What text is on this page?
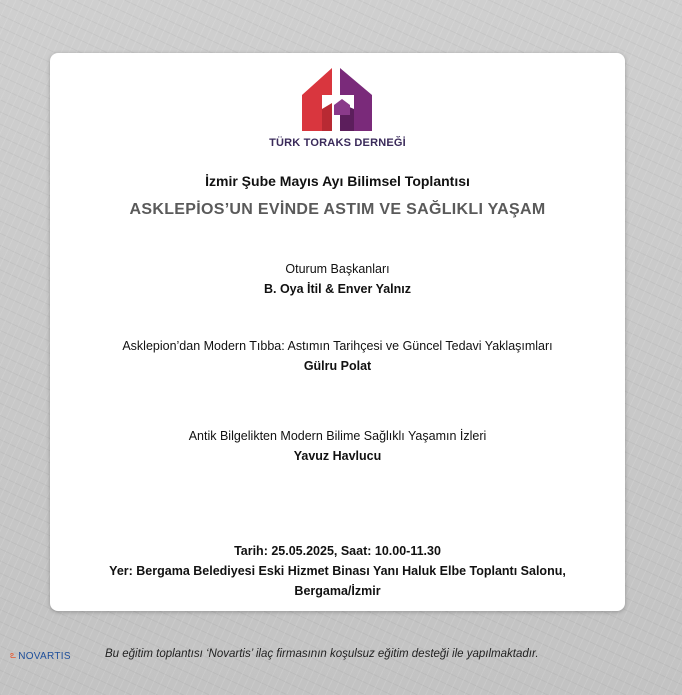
TÜRK TORAKS DERNEĞİ
İzmir Şube Mayıs Ayı Bilimsel Toplantısı
ASKLEPİOS’UN EVİNDE ASTIM VE SAĞLIKLI YAŞAM
Oturum Başkanları
B. Oya İtil & Enver Yalnız
Asklepion’dan Modern Tıbba: Astımın Tarihçesi ve Güncel Tedavi Yaklaşımları
Gülru Polat
Antik Bilgelikten Modern Bilime Sağlıklı Yaşamın İzleri
Yavuz Havlucu
Tarih: 25.05.2025, Saat: 10.00-11.30
Yer: Bergama Belediyesi Eski Hizmet Binası Yanı Haluk Elbe Toplantı Salonu,
Bergama/İzmir
ఽ NOVARTIS	Bu eğitim toplantısı ‘Novartis’ ilaç firmasının koşulsuz eğitim desteği ile yapılmaktadır.
